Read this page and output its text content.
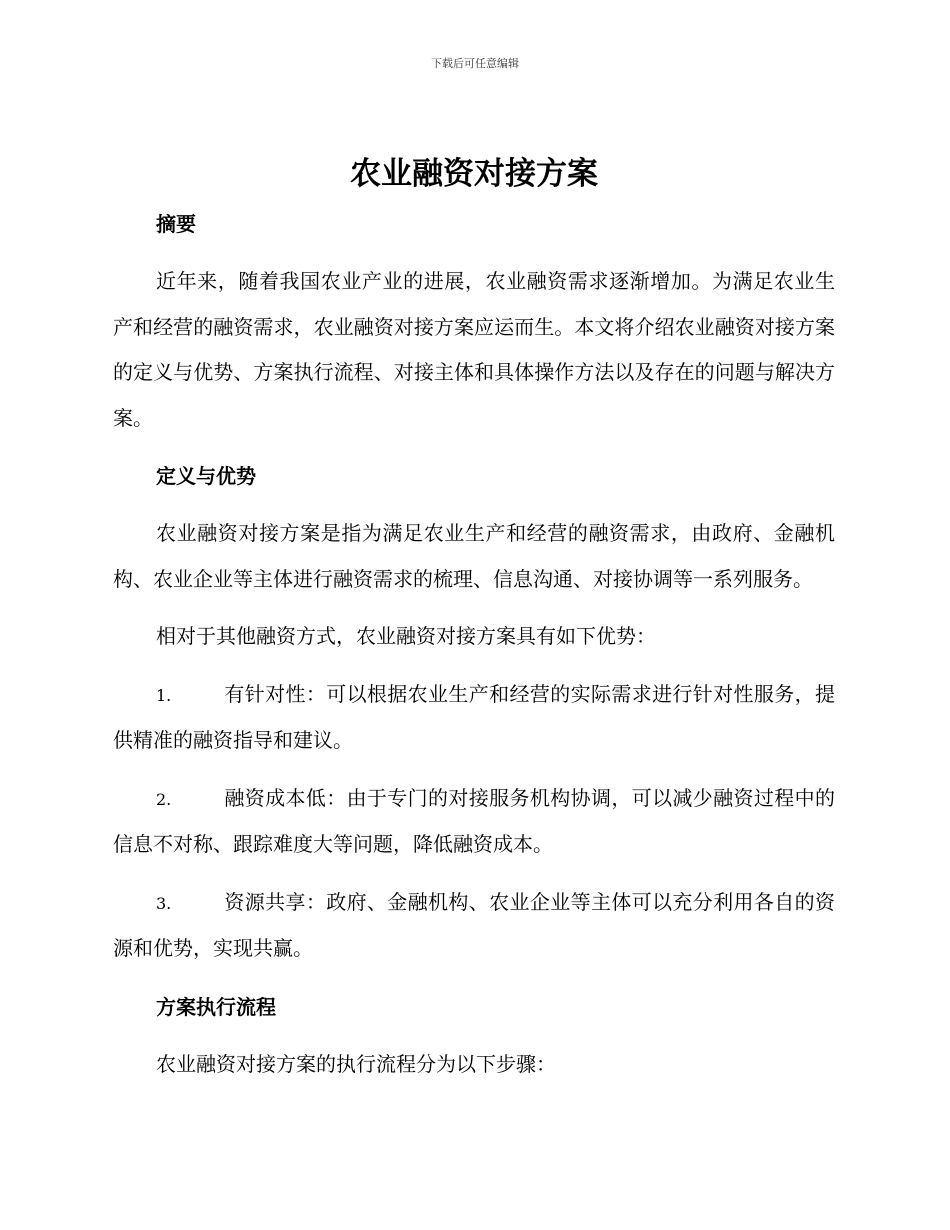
下载后可任意编辑
农业融资对接方案
摘要

近年来，随着我国农业产业的进展，农业融资需求逐渐增加。为满足农业生产和经营的融资需求，农业融资对接方案应运而生。本文将介绍农业融资对接方案的定义与优势、方案执行流程、对接主体和具体操作方法以及存在的问题与解决方案。

定义与优势

农业融资对接方案是指为满足农业生产和经营的融资需求，由政府、金融机构、农业企业等主体进行融资需求的梳理、信息沟通、对接协调等一系列服务。

相对于其他融资方式，农业融资对接方案具有如下优势：

1.	有针对性：可以根据农业生产和经营的实际需求进行针对性服务，提供精准的融资指导和建议。

2.	融资成本低：由于专门的对接服务机构协调，可以减少融资过程中的信息不对称、跟踪难度大等问题，降低融资成本。

3.	资源共享：政府、金融机构、农业企业等主体可以充分利用各自的资源和优势，实现共赢。

方案执行流程

农业融资对接方案的执行流程分为以下步骤：
